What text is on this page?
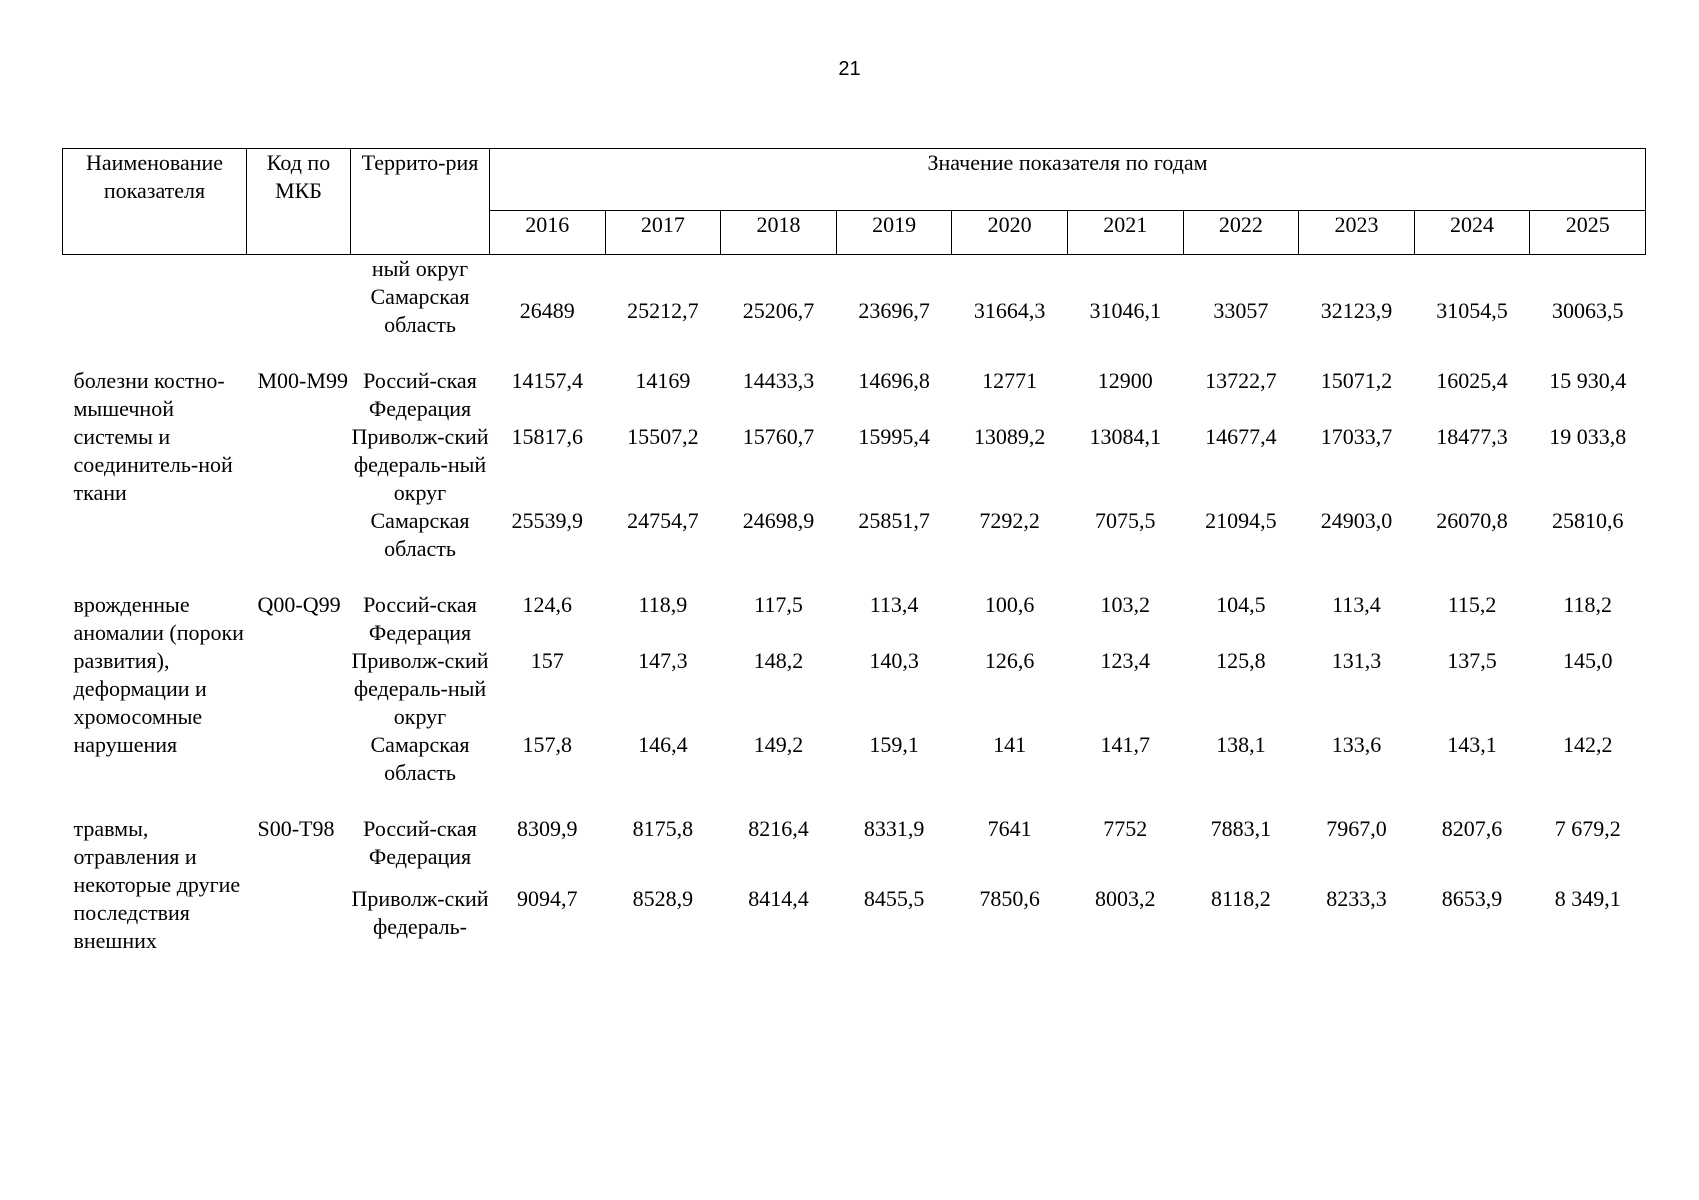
21
Наименование показателя	Код по МКБ	Террито-рия	Значение показателя по годам									
			2016	2017	2018	2019	2020	2021	2022	2023	2024	2025
		ный округ										
		Самарская область	26489	25212,7	25206,7	23696,7	31664,3	31046,1	33057	32123,9	31054,5	30063,5

болезни костно-мышечной системы и соединитель-ной ткани	M00-M99	Россий-ская Федерация	14157,4	14169	14433,3	14696,8	12771	12900	13722,7	15071,2	16025,4	15 930,4
		Приволж-ский федераль-ный округ	15817,6	15507,2	15760,7	15995,4	13089,2	13084,1	14677,4	17033,7	18477,3	19 033,8
		Самарская область	25539,9	24754,7	24698,9	25851,7	7292,2	7075,5	21094,5	24903,0	26070,8	25810,6

врожденные аномалии (пороки развития), деформации и хромосомные нарушения	Q00-Q99	Россий-ская Федерация	124,6	118,9	117,5	113,4	100,6	103,2	104,5	113,4	115,2	118,2
		Приволж-ский федераль-ный округ	157	147,3	148,2	140,3	126,6	123,4	125,8	131,3	137,5	145,0
		Самарская область	157,8	146,4	149,2	159,1	141	141,7	138,1	133,6	143,1	142,2

травмы, отравления и некоторые другие последствия внешних	S00-T98	Россий-ская Федерация	8309,9	8175,8	8216,4	8331,9	7641	7752	7883,1	7967,0	8207,6	7 679,2
		Приволж-ский федераль-	9094,7	8528,9	8414,4	8455,5	7850,6	8003,2	8118,2	8233,3	8653,9	8 349,1
